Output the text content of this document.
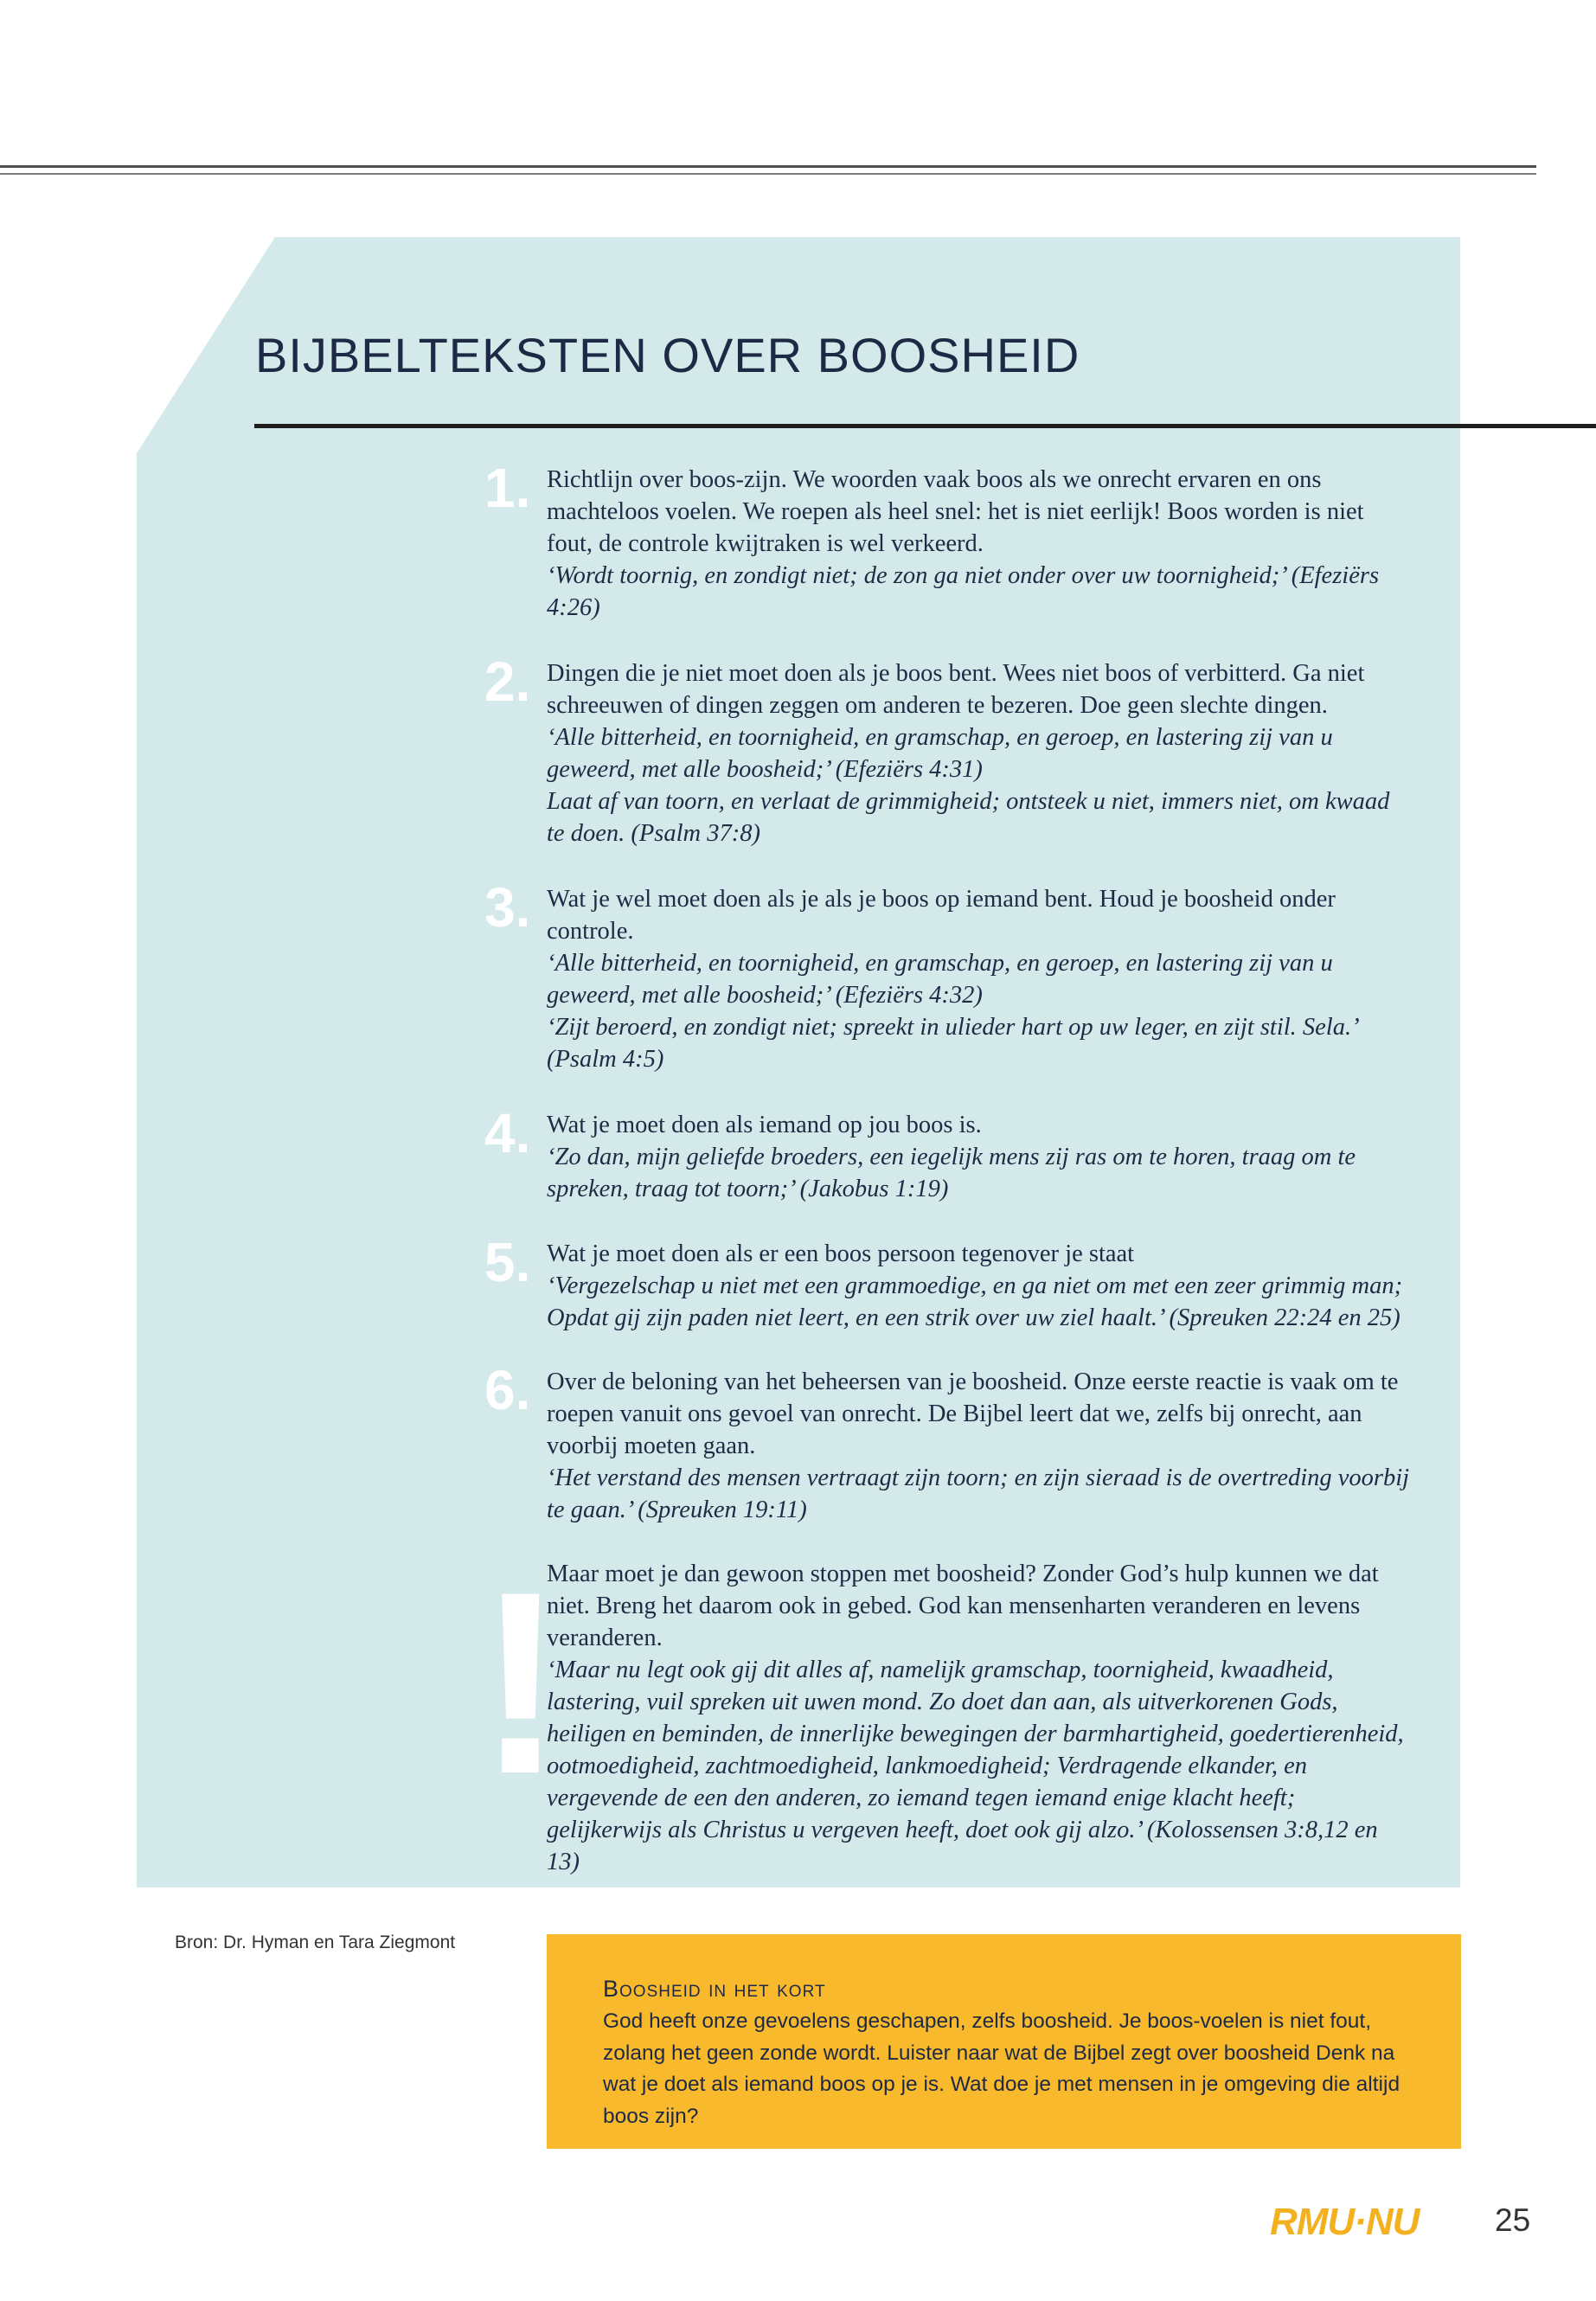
BIJBELTEKSTEN OVER BOOSHEID
1. Richtlijn over boos-zijn. We woorden vaak boos als we onrecht ervaren en ons machteloos voelen. We roepen als heel snel: het is niet eerlijk! Boos worden is niet fout, de controle kwijtraken is wel verkeerd.

‘Wordt toornig, en zondigt niet; de zon ga niet onder over uw toornigheid;’ (Efeziërs 4:26)

2. Dingen die je niet moet doen als je boos bent. Wees niet boos of verbitterd. Ga niet schreeuwen of dingen zeggen om anderen te bezeren. Doe geen slechte dingen.

‘Alle bitterheid, en toornigheid, en gramschap, en geroep, en lastering zij van u geweerd, met alle boosheid;’ (Efeziërs 4:31)

Laat af van toorn, en verlaat de grimmigheid; ontsteek u niet, immers niet, om kwaad te doen. (Psalm 37:8)

3. Wat je wel moet doen als je als je boos op iemand bent. Houd je boosheid onder controle.

‘Alle bitterheid, en toornigheid, en gramschap, en geroep, en lastering zij van u geweerd, met alle boosheid;’ (Efeziërs 4:32)

‘Zijt beroerd, en zondigt niet; spreekt in ulieder hart op uw leger, en zijt stil. Sela.’ (Psalm 4:5)

4. Wat je moet doen als iemand op jou boos is.

‘Zo dan, mijn geliefde broeders, een iegelijk mens zij ras om te horen, traag om te spreken, traag tot toorn;’ (Jakobus 1:19)

5. Wat je moet doen als er een boos persoon tegenover je staat

‘Vergezelschap u niet met een grammoedige, en ga niet om met een zeer grimmig man; Opdat gij zijn paden niet leert, en een strik over uw ziel haalt.’ (Spreuken 22:24 en 25)

6. Over de beloning van het beheersen van je boosheid. Onze eerste reactie is vaak om te roepen vanuit ons gevoel van onrecht. De Bijbel leert dat we, zelfs bij onrecht, aan voorbij moeten gaan.

‘Het verstand des mensen vertraagt zijn toorn; en zijn sieraad is de overtreding voorbij te gaan.’ (Spreuken 19:11)

!

Maar moet je dan gewoon stoppen met boosheid? Zonder God’s hulp kunnen we dat niet. Breng het daarom ook in gebed. God kan mensenharten veranderen en levens veranderen.

‘Maar nu legt ook gij dit alles af, namelijk gramschap, toornigheid, kwaadheid, lastering, vuil spreken uit uwen mond. Zo doet dan aan, als uitverkorenen Gods, heiligen en beminden, de innerlijke bewegingen der barmhartigheid, goedertierenheid, ootmoedigheid, zachtmoedigheid, lankmoedigheid; Verdragende elkander, en vergevende de een den anderen, zo iemand tegen iemand enige klacht heeft; gelijkerwijs als Christus u vergeven heeft, doet ook gij alzo.’ (Kolossensen 3:8,12 en 13)

Bron: Dr. Hyman en Tara Ziegmont
Boosheid in het kort

God heeft onze gevoelens geschapen, zelfs boosheid. Je boos-voelen is niet fout, zolang het geen zonde wordt. Luister naar wat de Bijbel zegt over boosheid Denk na wat je doet als iemand boos op je is. Wat doe je met mensen in je omgeving die altijd boos zijn?

RMU·NU 25
